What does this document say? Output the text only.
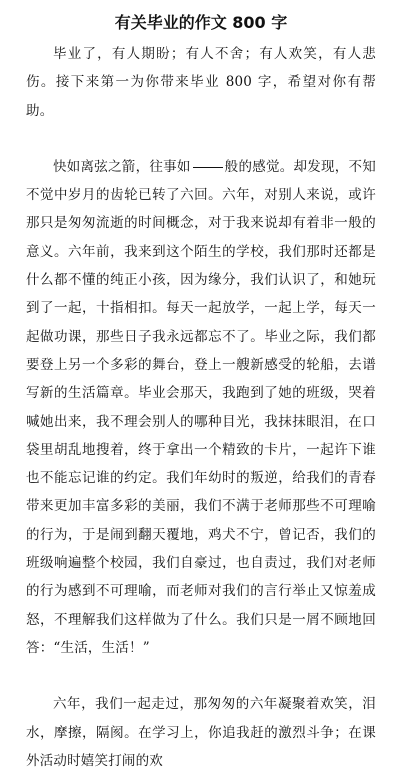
有关毕业的作文 800 字

毕业了，有人期盼；有人不舍；有人欢笑，有人悲伤。接下来第一为你带来毕业 800 字，希望对你有帮助。

快如离弦之箭，往事如	般的感觉。却发现，不知不觉中岁月的齿轮已转了六回。六年，对别人来说，或许那只是匆匆流逝的时间概念，对于我来说却有着非一般的意义。六年前，我来到这个陌生的学校，我们那时还都是什么都不懂的纯正小孩，因为缘分，我们认识了，和她玩到了一起，十指相扣。每天一起放学，一起上学，每天一起做功课，那些日子我永远都忘不了。毕业之际，我们都要登上另一个多彩的舞台，登上一艘新感受的轮船，去谱写新的生活篇章。毕业会那天，我跑到了她的班级，哭着喊她出来，我不理会别人的哪种目光，我抹抹眼泪，在口袋里胡乱地搜着，终于拿出一个精致的卡片，一起许下谁也不能忘记谁的约定。我们年幼时的叛逆，给我们的青春带来更加丰富多彩的美丽，我们不满于老师那些不可理喻的行为，于是闹到翻天覆地，鸡犬不宁，曾记否，我们的班级响遍整个校园，我们自豪过，也自责过，我们对老师的行为感到不可理喻，而老师对我们的言行举止又惊羞成怒，不理解我们这样做为了什么。我们只是一屑不顾地回答：“生活，生活！”

六年，我们一起走过，那匆匆的六年凝聚着欢笑，泪水，摩擦，隔阂。在学习上，你追我赶的激烈斗争；在课外活动时嬉笑打闹的欢
